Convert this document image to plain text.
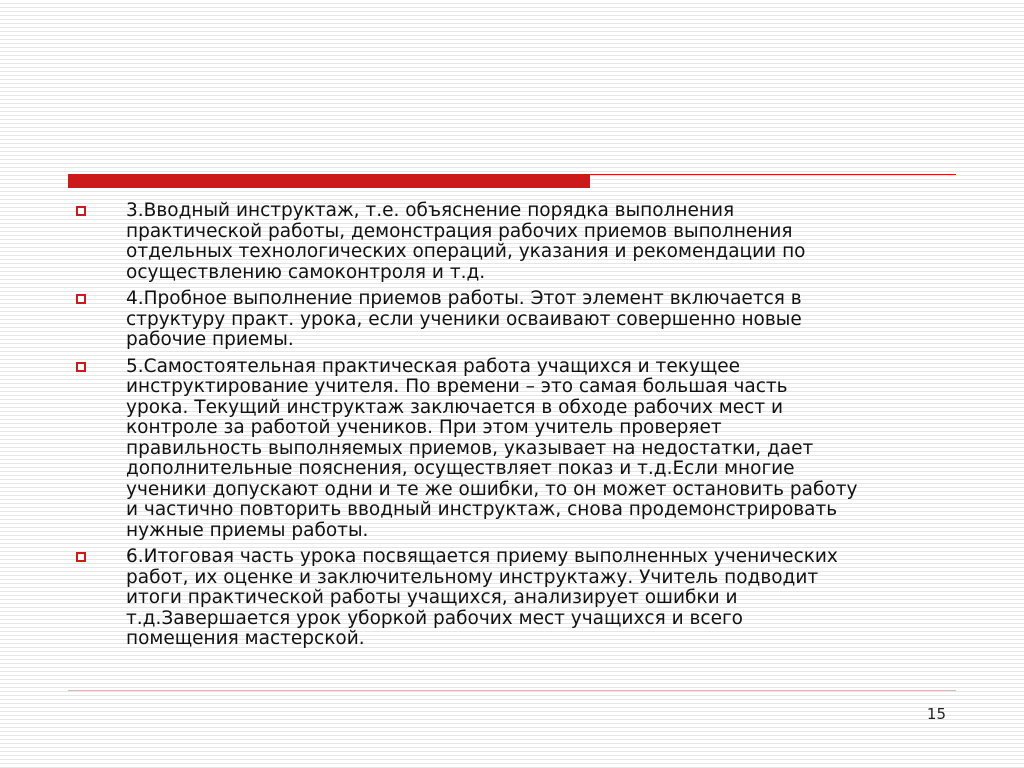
3.Вводный инструктаж, т.е. объяснение порядка выполнения
практической работы, демонстрация рабочих приемов выполнения
отдельных технологических операций, указания и рекомендации по
осуществлению самоконтроля и т.д.
4.Пробное выполнение приемов работы. Этот элемент включается в
структуру практ. урока, если ученики осваивают совершенно новые
рабочие приемы.
5.Самостоятельная практическая работа учащихся и текущее
инструктирование учителя. По времени – это самая большая часть
урока. Текущий инструктаж заключается в обходе рабочих мест и
контроле за работой учеников. При этом учитель проверяет
правильность выполняемых приемов, указывает на недостатки, дает
дополнительные пояснения, осуществляет показ и т.д.Если многие
ученики допускают одни и те же ошибки, то он может остановить работу
и частично повторить вводный инструктаж, снова продемонстрировать
нужные приемы работы.
6.Итоговая часть урока посвящается приему выполненных ученических
работ, их оценке и заключительному инструктажу. Учитель подводит
итоги практической работы учащихся, анализирует ошибки и
т.д.Завершается урок уборкой рабочих мест учащихся и всего
помещения мастерской.
15
